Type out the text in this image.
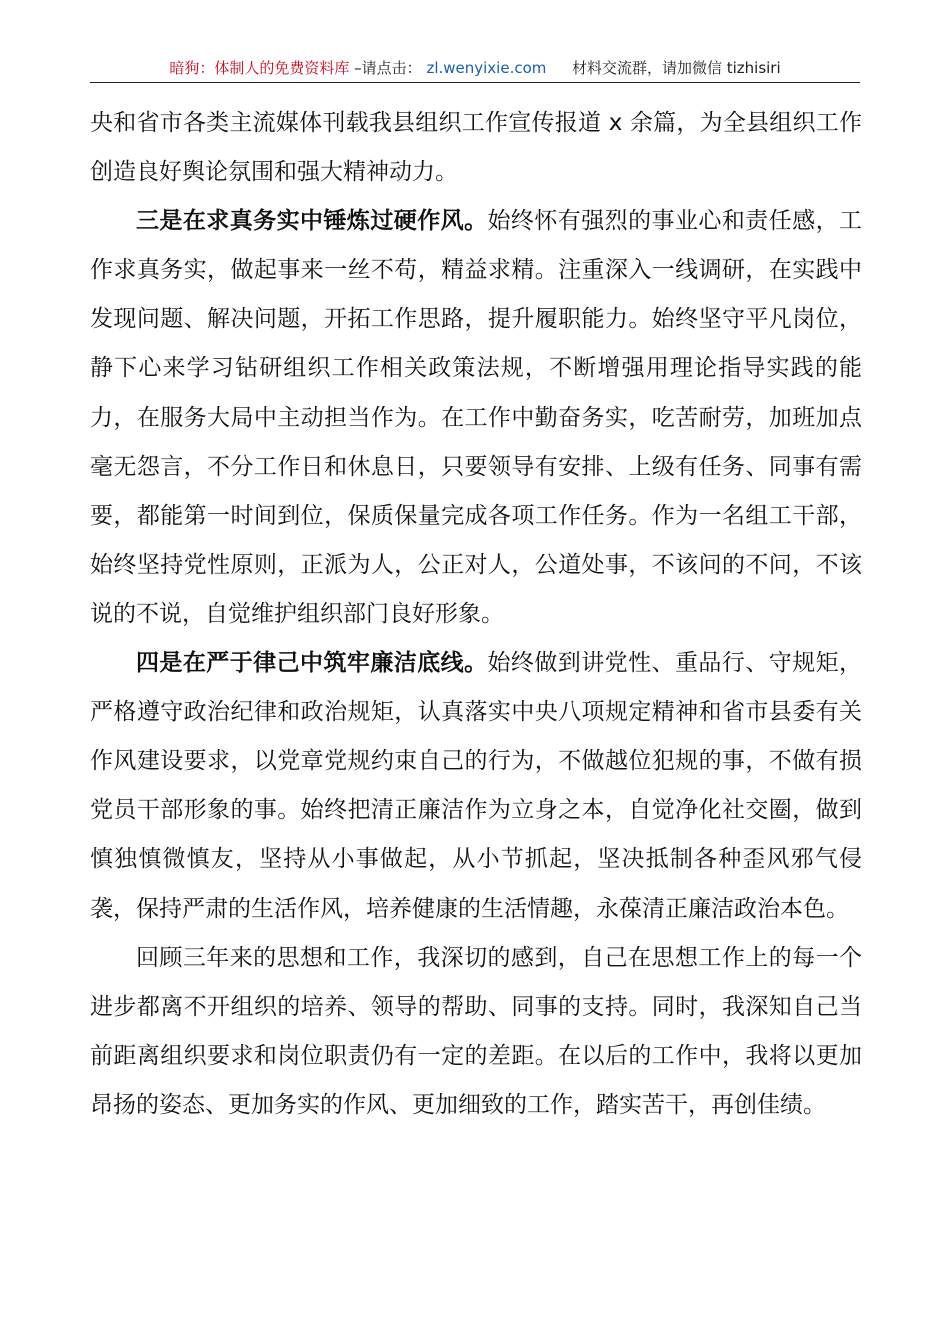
暗狗：体制人的免费资料库 –请点击： zl.wenyixie.com 材料交流群，请加微信 tizhisiri

央和省市各类主流媒体刊载我县组织工作宣传报道 x 余篇，为全县组织工作创造良好舆论氛围和强大精神动力。

三是在求真务实中锤炼过硬作风。始终怀有强烈的事业心和责任感，工作求真务实，做起事来一丝不苟，精益求精。注重深入一线调研，在实践中发现问题、解决问题，开拓工作思路，提升履职能力。始终坚守平凡岗位，静下心来学习钻研组织工作相关政策法规，不断增强用理论指导实践的能力，在服务大局中主动担当作为。在工作中勤奋务实，吃苦耐劳，加班加点毫无怨言，不分工作日和休息日，只要领导有安排、上级有任务、同事有需要，都能第一时间到位，保质保量完成各项工作任务。作为一名组工干部，始终坚持党性原则，正派为人，公正对人，公道处事，不该问的不问，不该说的不说，自觉维护组织部门良好形象。

四是在严于律己中筑牢廉洁底线。始终做到讲党性、重品行、守规矩，严格遵守政治纪律和政治规矩，认真落实中央八项规定精神和省市县委有关作风建设要求，以党章党规约束自己的行为，不做越位犯规的事，不做有损党员干部形象的事。始终把清正廉洁作为立身之本，自觉净化社交圈，做到慎独慎微慎友，坚持从小事做起，从小节抓起，坚决抵制各种歪风邪气侵袭，保持严肃的生活作风，培养健康的生活情趣，永葆清正廉洁政治本色。

回顾三年来的思想和工作，我深切的感到，自己在思想工作上的每一个进步都离不开组织的培养、领导的帮助、同事的支持。同时，我深知自己当前距离组织要求和岗位职责仍有一定的差距。在以后的工作中，我将以更加昂扬的姿态、更加务实的作风、更加细致的工作，踏实苦干，再创佳绩。
